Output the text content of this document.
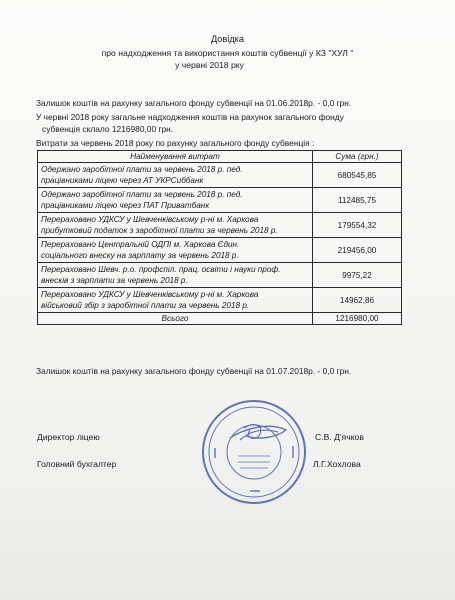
Довідка
про надходження та використання коштів субвенції у КЗ "ХУЛ "
у червні 2018 рку
Залишок коштів на рахунку загального фонду субвенції на 01.06.2018р. - 0,0 грн.
У червні 2018 року загальне надходження коштів на рахунок загального фонду
субвенція склало 1216980,00 грн.
Витрати за червень 2018 року по рахунку загального фонду субвенція :
Найменування витрат	Сума (грн.)
Одержано заробітної плати за червень 2018 р. пед.
працівниками ліцею через АТ УКРСиббанк	680545,85
Одержано заробітної плати за червень 2018 р. пед.
працівниками ліцею через ПАТ Приватбанк	112485,75
Перераховано УДКСУ у Шевченківському р-ні м. Харкова
прибутковий податок з заробітної плати за червень 2018 р.	179554,32
Перераховано Центральній ОДПІ м. Харкова Єдин.
соціального внеску на зарплату за червень 2018 р.	219456,00
Перераховано Шевч. р.о. профспіл. прац. освіти і науки проф.
внесків з зарплати за червень 2018 р.	9975,22
Перераховано УДКСУ у Шевченківському р-ні м. Харкова
військовий збір з заробітної плати за червень 2018 р.	14962,86
Всього	1216980,00
Залишок коштів на рахунку загального фонду субвенції на 01.07.2018р. - 0,0 грн.
Директор ліцею	С.В. Д'ячков
Головний бухгалтер	Л.Г.Хохлова
